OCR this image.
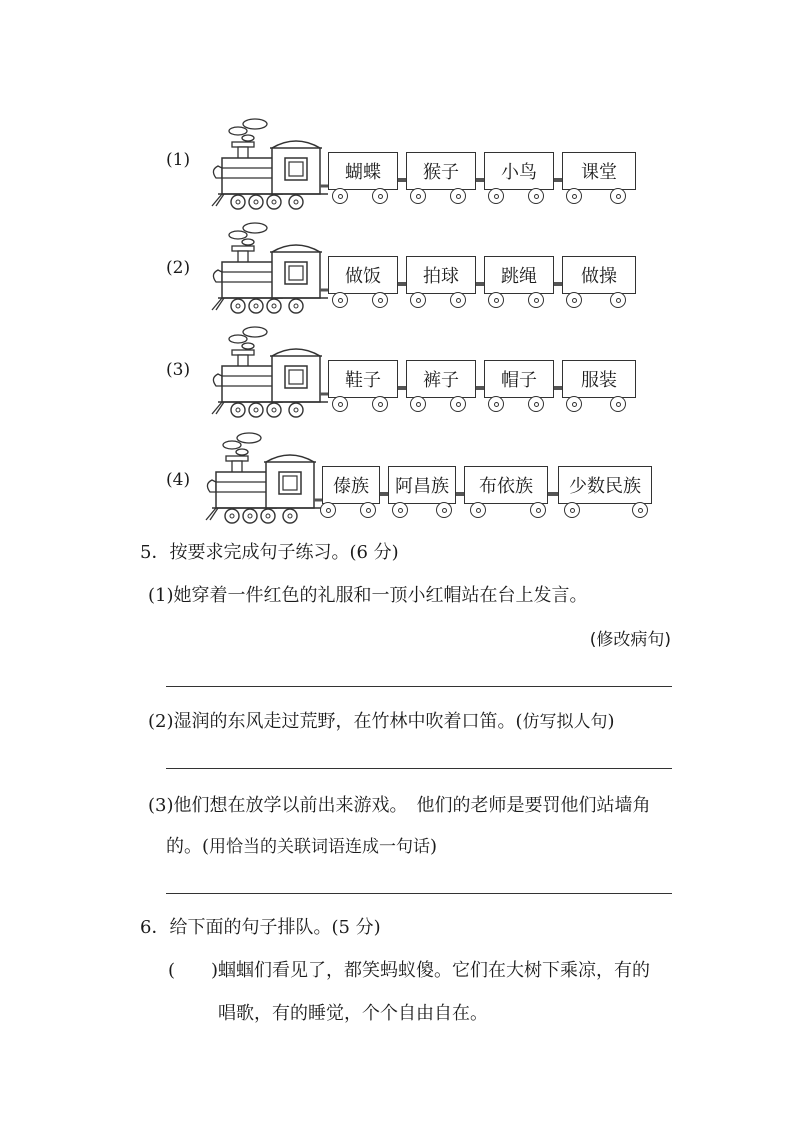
(1)
蝴蝶	猴子	小鸟	课堂
(2)	做饭	拍球	跳绳	做操
(3)	鞋子	裤子	帽子	服装
(4)	傣族	阿昌族	布依族	少数民族
5．按要求完成句子练习。(6 分)
(1)她穿着一件红色的礼服和一顶小红帽站在台上发言。
(修改病句)
(2)湿润的东风走过荒野，在竹林中吹着口笛。(仿写拟人句)
(3)他们想在放学以前出来游戏。　他们的老师是要罚他们站墙角
的。(用恰当的关联词语连成一句话)
6．给下面的句子排队。(5 分)
(　　) 蝈蝈们看见了，都笑蚂蚁傻。它们在大树下乘凉，有的
唱歌，有的睡觉，个个自由自在。
